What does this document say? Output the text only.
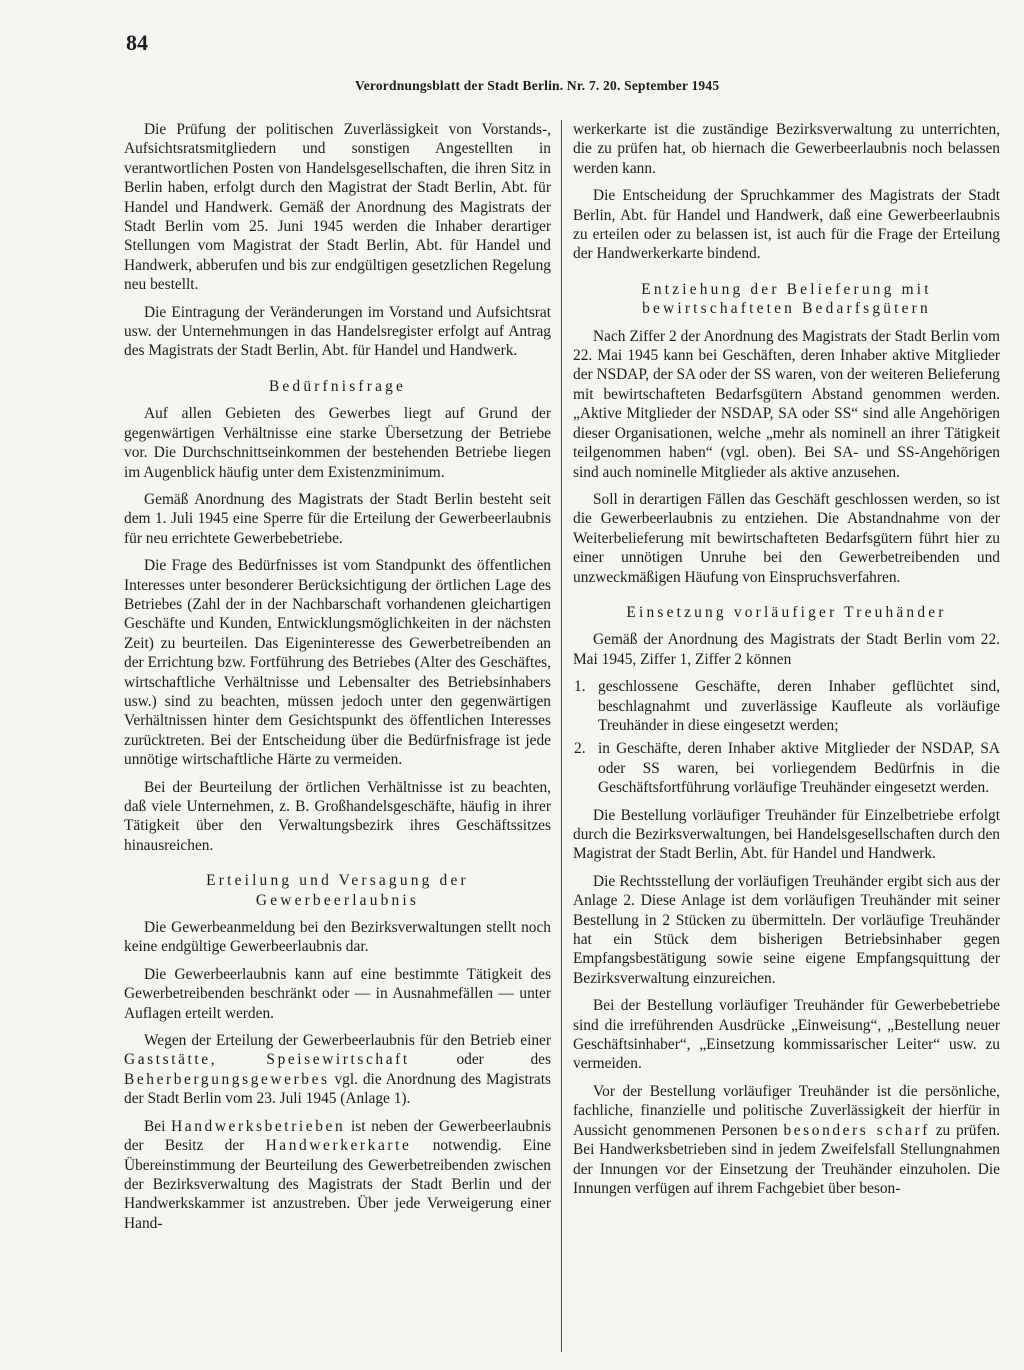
84
Verordnungsblatt der Stadt Berlin. Nr. 7. 20. September 1945

Die Prüfung der politischen Zuverlässigkeit von Vorstands-, Aufsichtsratsmitgliedern und sonstigen Angestellten in verantwortlichen Posten von Handelsgesellschaften, die ihren Sitz in Berlin haben, erfolgt durch den Magistrat der Stadt Berlin, Abt. für Handel und Handwerk. Gemäß der Anordnung des Magistrats der Stadt Berlin vom 25. Juni 1945 werden die Inhaber derartiger Stellungen vom Magistrat der Stadt Berlin, Abt. für Handel und Handwerk, abberufen und bis zur endgültigen gesetzlichen Regelung neu bestellt.

Die Eintragung der Veränderungen im Vorstand und Aufsichtsrat usw. der Unternehmungen in das Handelsregister erfolgt auf Antrag des Magistrats der Stadt Berlin, Abt. für Handel und Handwerk.

Bedürfnisfrage

Auf allen Gebieten des Gewerbes liegt auf Grund der gegenwärtigen Verhältnisse eine starke Übersetzung der Betriebe vor. Die Durchschnittseinkommen der bestehenden Betriebe liegen im Augenblick häufig unter dem Existenzminimum.

Gemäß Anordnung des Magistrats der Stadt Berlin besteht seit dem 1. Juli 1945 eine Sperre für die Erteilung der Gewerbeerlaubnis für neu errichtete Gewerbebetriebe.

Die Frage des Bedürfnisses ist vom Standpunkt des öffentlichen Interesses unter besonderer Berücksichtigung der örtlichen Lage des Betriebes (Zahl der in der Nachbarschaft vorhandenen gleichartigen Geschäfte und Kunden, Entwicklungsmöglichkeiten in der nächsten Zeit) zu beurteilen. Das Eigeninteresse des Gewerbetreibenden an der Errichtung bzw. Fortführung des Betriebes (Alter des Geschäftes, wirtschaftliche Verhältnisse und Lebensalter des Betriebsinhabers usw.) sind zu beachten, müssen jedoch unter den gegenwärtigen Verhältnissen hinter dem Gesichtspunkt des öffentlichen Interesses zurücktreten. Bei der Entscheidung über die Bedürfnisfrage ist jede unnötige wirtschaftliche Härte zu vermeiden.

Bei der Beurteilung der örtlichen Verhältnisse ist zu beachten, daß viele Unternehmen, z. B. Großhandelsgeschäfte, häufig in ihrer Tätigkeit über den Verwaltungsbezirk ihres Geschäftssitzes hinausreichen.

Erteilung und Versagung der Gewerbeerlaubnis

Die Gewerbeanmeldung bei den Bezirksverwaltungen stellt noch keine endgültige Gewerbeerlaubnis dar.

Die Gewerbeerlaubnis kann auf eine bestimmte Tätigkeit des Gewerbetreibenden beschränkt oder — in Ausnahmefällen — unter Auflagen erteilt werden.

Wegen der Erteilung der Gewerbeerlaubnis für den Betrieb einer Gaststätte, Speisewirtschaft	oder des Beherbergungsgewerbes vgl. die Anordnung des Magistrats der Stadt Berlin vom 23. Juli 1945 (Anlage 1).

Bei Handwerksbetrieben ist neben der Gewerbeerlaubnis der Besitz der Handwerkerkarte notwendig. Eine Übereinstimmung der Beurteilung des Gewerbetreibenden zwischen der Bezirksverwaltung des Magistrats der Stadt Berlin und der Handwerkskammer ist anzustreben. Über jede Verweigerung einer Hand-

werkerkarte ist die zuständige Bezirksverwaltung zu unterrichten, die zu prüfen hat, ob hiernach die Gewerbeerlaubnis noch belassen werden kann.

Die Entscheidung der Spruchkammer des Magistrats der Stadt Berlin, Abt. für Handel und Handwerk, daß eine Gewerbeerlaubnis zu erteilen oder zu belassen ist, ist auch für die Frage der Erteilung der Handwerkerkarte bindend.

Entziehung der Belieferung mit bewirtschafteten Bedarfsgütern

Nach Ziffer 2 der Anordnung des Magistrats der Stadt Berlin vom 22. Mai 1945 kann bei Geschäften, deren Inhaber aktive Mitglieder der NSDAP, der SA oder der SS waren, von der weiteren Belieferung mit bewirtschafteten Bedarfsgütern Abstand genommen werden. „Aktive Mitglieder der NSDAP, SA oder SS“ sind alle Angehörigen dieser Organisationen, welche „mehr als nominell an ihrer Tätigkeit teilgenommen haben“ (vgl. oben). Bei SA- und SS-Angehörigen sind auch nominelle Mitglieder als aktive anzusehen.

Soll in derartigen Fällen das Geschäft geschlossen werden, so ist die Gewerbeerlaubnis zu entziehen. Die Abstandnahme von der Weiterbelieferung mit bewirtschafteten Bedarfsgütern führt hier zu einer unnötigen Unruhe bei den Gewerbetreibenden und unzweckmäßigen Häufung von Einspruchsverfahren.

Einsetzung vorläufiger Treuhänder

Gemäß der Anordnung des Magistrats der Stadt Berlin vom 22. Mai 1945, Ziffer 1, Ziffer 2 können

1. geschlossene Geschäfte, deren Inhaber geflüchtet sind, beschlagnahmt und zuverlässige Kaufleute als vorläufige Treuhänder in diese eingesetzt werden;
2. in Geschäfte, deren Inhaber aktive Mitglieder der NSDAP, SA oder SS waren, bei vorliegendem Bedürfnis in die Geschäftsfortführung vorläufige Treuhänder eingesetzt werden.

Die Bestellung vorläufiger Treuhänder für Einzelbetriebe erfolgt durch die Bezirksverwaltungen, bei Handelsgesellschaften durch den Magistrat der Stadt Berlin, Abt. für Handel und Handwerk.

Die Rechtsstellung der vorläufigen Treuhänder ergibt sich aus der Anlage 2. Diese Anlage ist dem vorläufigen Treuhänder mit seiner Bestellung in 2 Stücken zu übermitteln. Der vorläufige Treuhänder hat ein Stück dem bisherigen Betriebsinhaber gegen Empfangsbestätigung sowie seine eigene Empfangsquittung der Bezirksverwaltung einzureichen.

Bei der Bestellung vorläufiger Treuhänder für Gewerbebetriebe sind die irreführenden Ausdrücke „Einweisung“, „Bestellung neuer Geschäftsinhaber“, „Einsetzung kommissarischer Leiter“ usw. zu vermeiden.

Vor der Bestellung vorläufiger Treuhänder ist die persönliche, fachliche, finanzielle und politische Zuverlässigkeit der hierfür in Aussicht genommenen Personen besonders scharf zu prüfen. Bei Handwerksbetrieben sind in jedem Zweifelsfall Stellungnahmen der Innungen vor der Einsetzung der Treuhänder einzuholen. Die Innungen verfügen auf ihrem Fachgebiet über beson-
